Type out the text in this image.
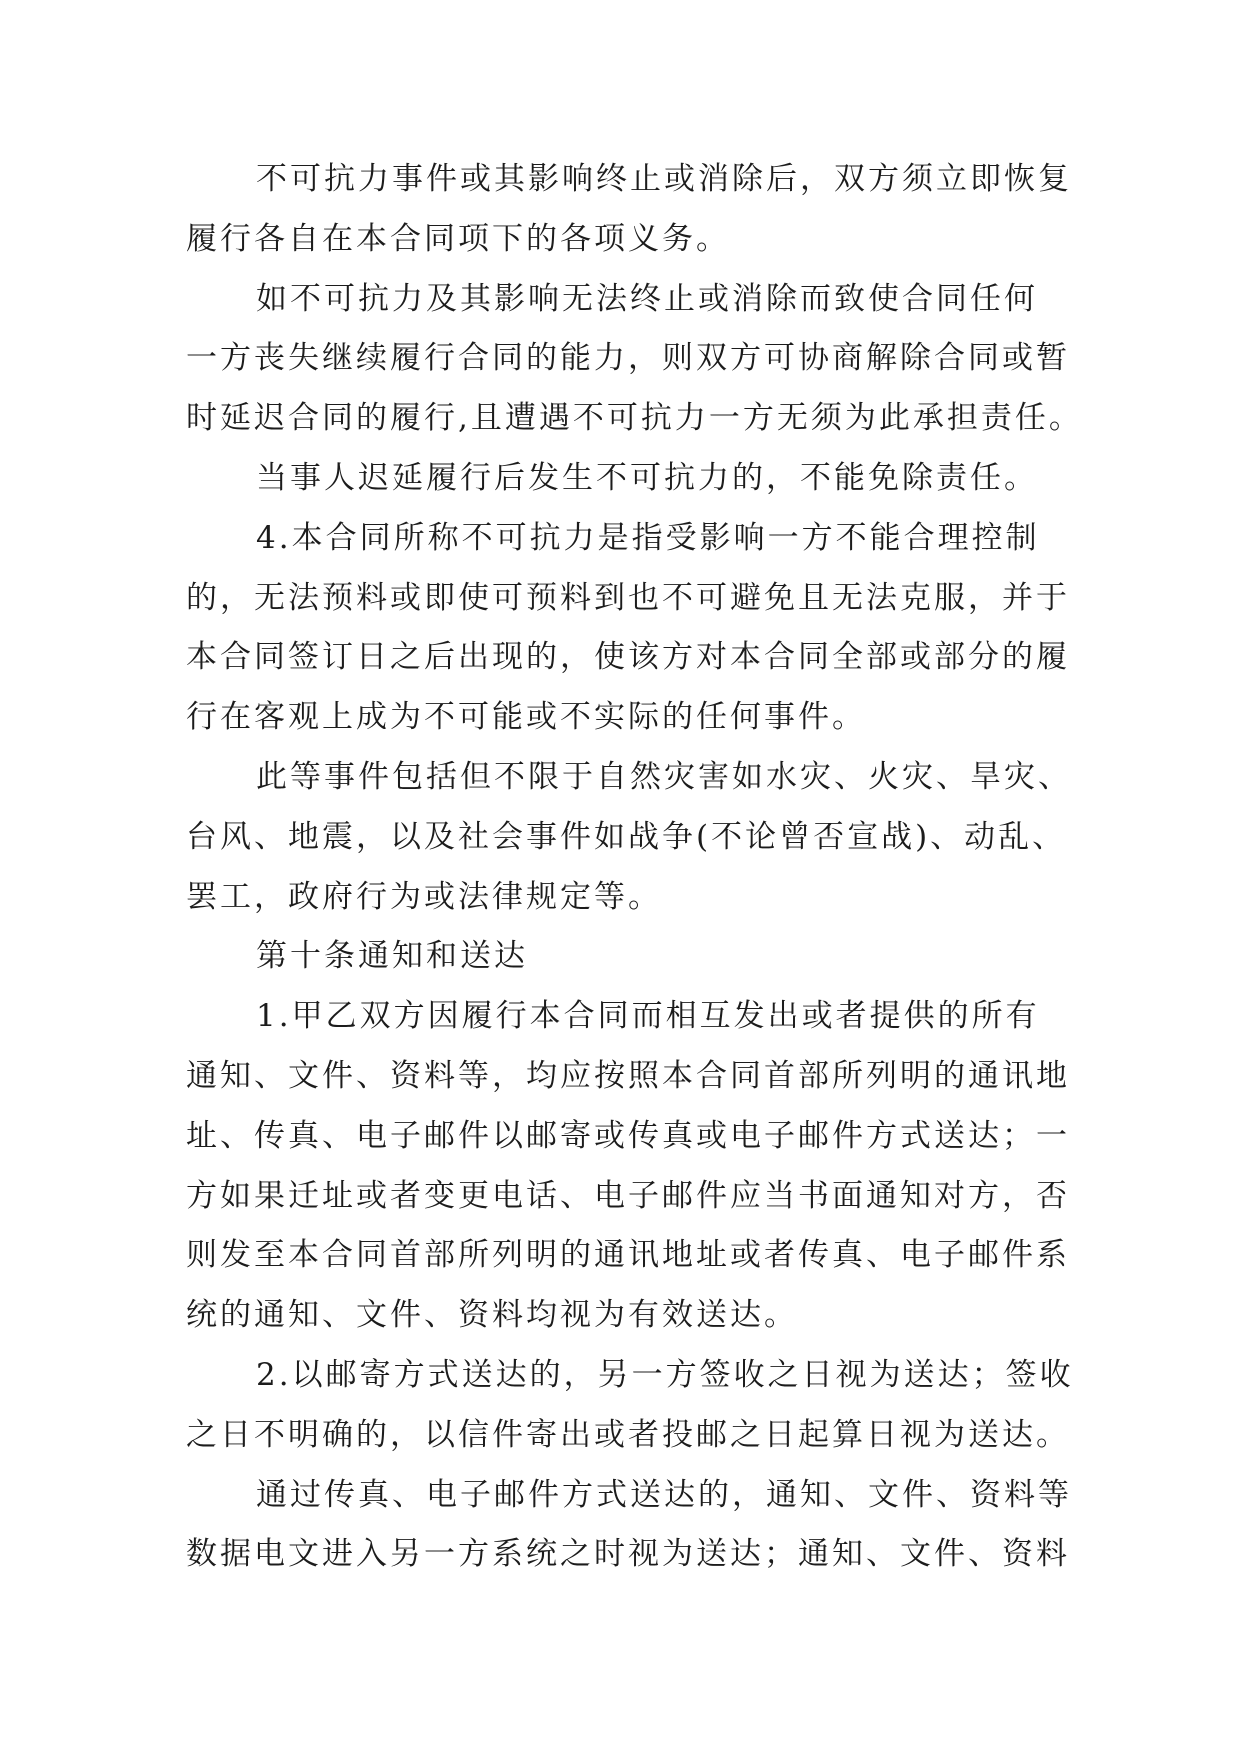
不可抗力事件或其影响终止或消除后，双方须立即恢复
履行各自在本合同项下的各项义务。
如不可抗力及其影响无法终止或消除而致使合同任何
一方丧失继续履行合同的能力，则双方可协商解除合同或暂
时延迟合同的履行,且遭遇不可抗力一方无须为此承担责任。
当事人迟延履行后发生不可抗力的，不能免除责任。
4.本合同所称不可抗力是指受影响一方不能合理控制
的，无法预料或即使可预料到也不可避免且无法克服，并于
本合同签订日之后出现的，使该方对本合同全部或部分的履
行在客观上成为不可能或不实际的任何事件。
此等事件包括但不限于自然灾害如水灾、火灾、旱灾、
台风、地震，以及社会事件如战争(不论曾否宣战)、动乱、
罢工，政府行为或法律规定等。
第十条通知和送达
1.甲乙双方因履行本合同而相互发出或者提供的所有
通知、文件、资料等，均应按照本合同首部所列明的通讯地
址、传真、电子邮件以邮寄或传真或电子邮件方式送达；一
方如果迁址或者变更电话、电子邮件应当书面通知对方，否
则发至本合同首部所列明的通讯地址或者传真、电子邮件系
统的通知、文件、资料均视为有效送达。
2.以邮寄方式送达的，另一方签收之日视为送达；签收
之日不明确的，以信件寄出或者投邮之日起算日视为送达。
通过传真、电子邮件方式送达的，通知、文件、资料等
数据电文进入另一方系统之时视为送达；通知、文件、资料
